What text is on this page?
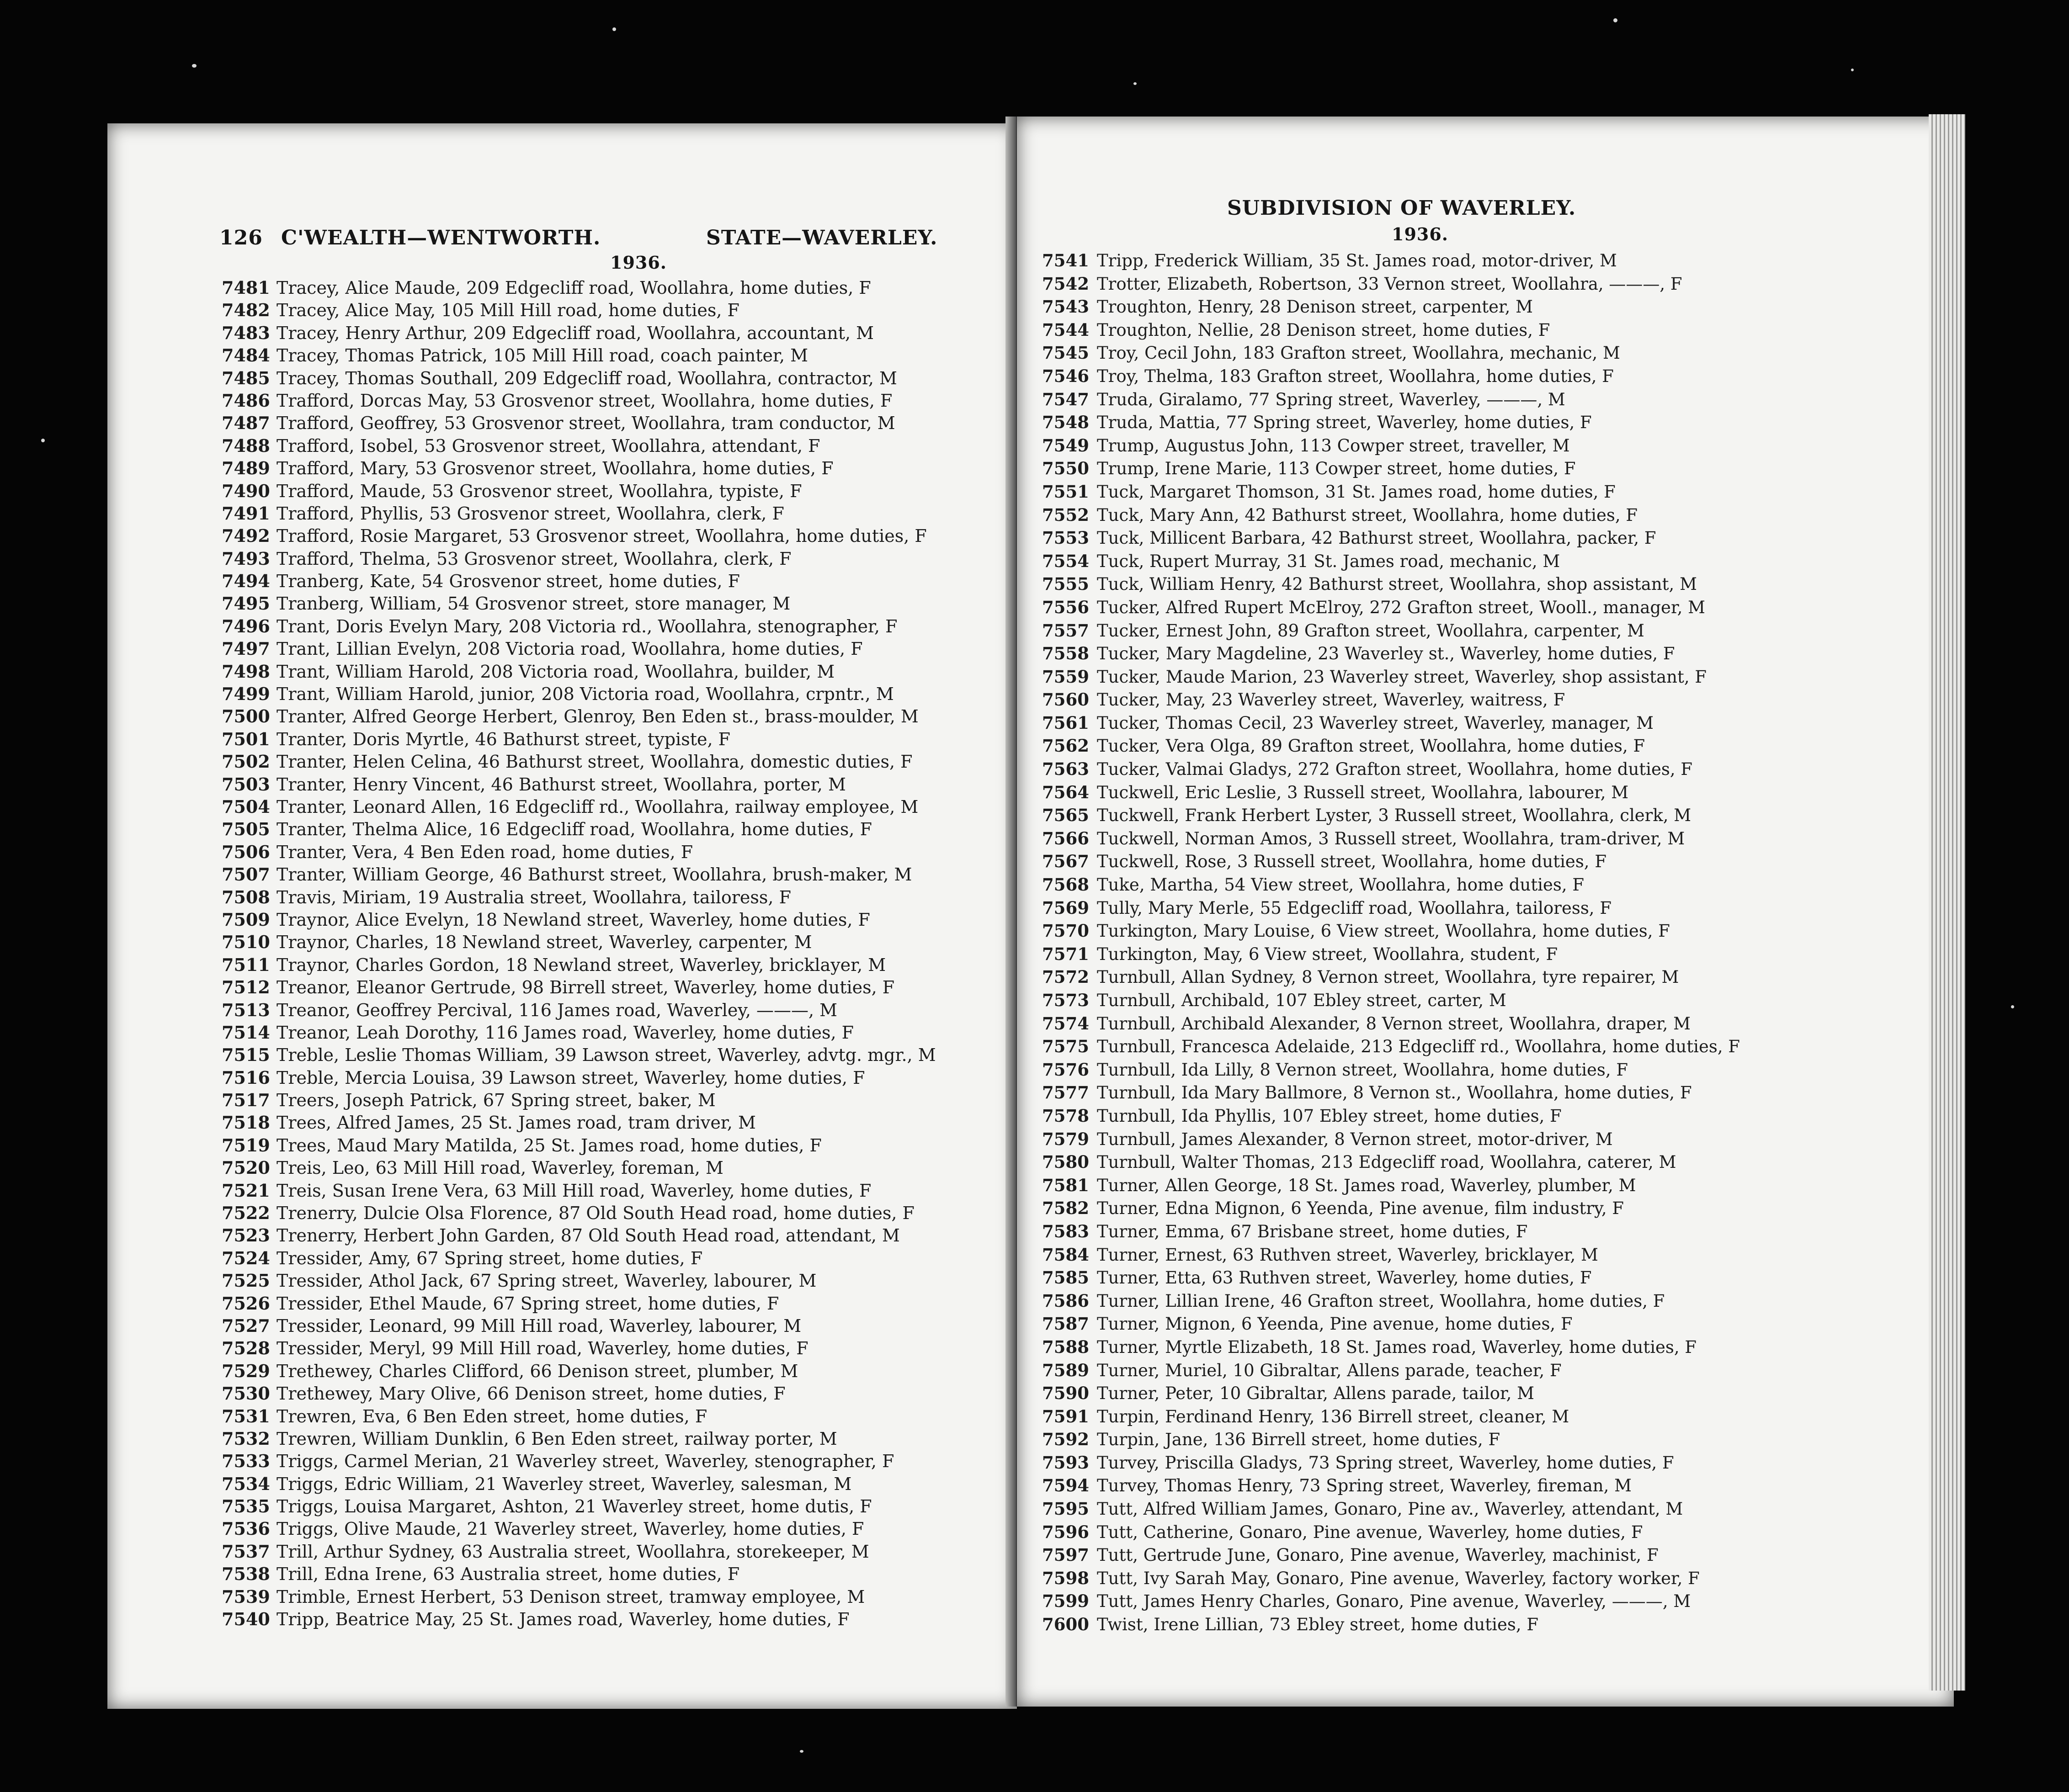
126 C'WEALTH—WENTWORTH.	STATE—WAVERLEY.
1936.
7481 Tracey, Alice Maude, 209 Edgecliff road, Woollahra, home duties, F
7482 Tracey, Alice May, 105 Mill Hill road, home duties, F
7483 Tracey, Henry Arthur, 209 Edgecliff road, Woollahra, accountant, M
7484 Tracey, Thomas Patrick, 105 Mill Hill road, coach painter, M
7485 Tracey, Thomas Southall, 209 Edgecliff road, Woollahra, contractor, M
7486 Trafford, Dorcas May, 53 Grosvenor street, Woollahra, home duties, F
7487 Trafford, Geoffrey, 53 Grosvenor street, Woollahra, tram conductor, M
7488 Trafford, Isobel, 53 Grosvenor street, Woollahra, attendant, F
7489 Trafford, Mary, 53 Grosvenor street, Woollahra, home duties, F
7490 Trafford, Maude, 53 Grosvenor street, Woollahra, typiste, F
7491 Trafford, Phyllis, 53 Grosvenor street, Woollahra, clerk, F
7492 Trafford, Rosie Margaret, 53 Grosvenor street, Woollahra, home duties, F
7493 Trafford, Thelma, 53 Grosvenor street, Woollahra, clerk, F
7494 Tranberg, Kate, 54 Grosvenor street, home duties, F
7495 Tranberg, William, 54 Grosvenor street, store manager, M
7496 Trant, Doris Evelyn Mary, 208 Victoria rd., Woollahra, stenographer, F
7497 Trant, Lillian Evelyn, 208 Victoria road, Woollahra, home duties, F
7498 Trant, William Harold, 208 Victoria road, Woollahra, builder, M
7499 Trant, William Harold, junior, 208 Victoria road, Woollahra, crpntr., M
7500 Tranter, Alfred George Herbert, Glenroy, Ben Eden st., brass-moulder, M
7501 Tranter, Doris Myrtle, 46 Bathurst street, typiste, F
7502 Tranter, Helen Celina, 46 Bathurst street, Woollahra, domestic duties, F
7503 Tranter, Henry Vincent, 46 Bathurst street, Woollahra, porter, M
7504 Tranter, Leonard Allen, 16 Edgecliff rd., Woollahra, railway employee, M
7505 Tranter, Thelma Alice, 16 Edgecliff road, Woollahra, home duties, F
7506 Tranter, Vera, 4 Ben Eden road, home duties, F
7507 Tranter, William George, 46 Bathurst street, Woollahra, brush-maker, M
7508 Travis, Miriam, 19 Australia street, Woollahra, tailoress, F
7509 Traynor, Alice Evelyn, 18 Newland street, Waverley, home duties, F
7510 Traynor, Charles, 18 Newland street, Waverley, carpenter, M
7511 Traynor, Charles Gordon, 18 Newland street, Waverley, bricklayer, M
7512 Treanor, Eleanor Gertrude, 98 Birrell street, Waverley, home duties, F
7513 Treanor, Geoffrey Percival, 116 James road, Waverley, ———, M
7514 Treanor, Leah Dorothy, 116 James road, Waverley, home duties, F
7515 Treble, Leslie Thomas William, 39 Lawson street, Waverley, advtg. mgr., M
7516 Treble, Mercia Louisa, 39 Lawson street, Waverley, home duties, F
7517 Treers, Joseph Patrick, 67 Spring street, baker, M
7518 Trees, Alfred James, 25 St. James road, tram driver, M
7519 Trees, Maud Mary Matilda, 25 St. James road, home duties, F
7520 Treis, Leo, 63 Mill Hill road, Waverley, foreman, M
7521 Treis, Susan Irene Vera, 63 Mill Hill road, Waverley, home duties, F
7522 Trenerry, Dulcie Olsa Florence, 87 Old South Head road, home duties, F
7523 Trenerry, Herbert John Garden, 87 Old South Head road, attendant, M
7524 Tressider, Amy, 67 Spring street, home duties, F
7525 Tressider, Athol Jack, 67 Spring street, Waverley, labourer, M
7526 Tressider, Ethel Maude, 67 Spring street, home duties, F
7527 Tressider, Leonard, 99 Mill Hill road, Waverley, labourer, M
7528 Tressider, Meryl, 99 Mill Hill road, Waverley, home duties, F
7529 Trethewey, Charles Clifford, 66 Denison street, plumber, M
7530 Trethewey, Mary Olive, 66 Denison street, home duties, F
7531 Trewren, Eva, 6 Ben Eden street, home duties, F
7532 Trewren, William Dunklin, 6 Ben Eden street, railway porter, M
7533 Triggs, Carmel Merian, 21 Waverley street, Waverley, stenographer, F
7534 Triggs, Edric William, 21 Waverley street, Waverley, salesman, M
7535 Triggs, Louisa Margaret, Ashton, 21 Waverley street, home dutis, F
7536 Triggs, Olive Maude, 21 Waverley street, Waverley, home duties, F
7537 Trill, Arthur Sydney, 63 Australia street, Woollahra, storekeeper, M
7538 Trill, Edna Irene, 63 Australia street, home duties, F
7539 Trimble, Ernest Herbert, 53 Denison street, tramway employee, M
7540 Tripp, Beatrice May, 25 St. James road, Waverley, home duties, F
SUBDIVISION OF WAVERLEY.
1936.
7541 Tripp, Frederick William, 35 St. James road, motor-driver, M
7542 Trotter, Elizabeth, Robertson, 33 Vernon street, Woollahra, ———, F
7543 Troughton, Henry, 28 Denison street, carpenter, M
7544 Troughton, Nellie, 28 Denison street, home duties, F
7545 Troy, Cecil John, 183 Grafton street, Woollahra, mechanic, M
7546 Troy, Thelma, 183 Grafton street, Woollahra, home duties, F
7547 Truda, Giralamo, 77 Spring street, Waverley, ———, M
7548 Truda, Mattia, 77 Spring street, Waverley, home duties, F
7549 Trump, Augustus John, 113 Cowper street, traveller, M
7550 Trump, Irene Marie, 113 Cowper street, home duties, F
7551 Tuck, Margaret Thomson, 31 St. James road, home duties, F
7552 Tuck, Mary Ann, 42 Bathurst street, Woollahra, home duties, F
7553 Tuck, Millicent Barbara, 42 Bathurst street, Woollahra, packer, F
7554 Tuck, Rupert Murray, 31 St. James road, mechanic, M
7555 Tuck, William Henry, 42 Bathurst street, Woollahra, shop assistant, M
7556 Tucker, Alfred Rupert McElroy, 272 Grafton street, Wooll., manager, M
7557 Tucker, Ernest John, 89 Grafton street, Woollahra, carpenter, M
7558 Tucker, Mary Magdeline, 23 Waverley st., Waverley, home duties, F
7559 Tucker, Maude Marion, 23 Waverley street, Waverley, shop assistant, F
7560 Tucker, May, 23 Waverley street, Waverley, waitress, F
7561 Tucker, Thomas Cecil, 23 Waverley street, Waverley, manager, M
7562 Tucker, Vera Olga, 89 Grafton street, Woollahra, home duties, F
7563 Tucker, Valmai Gladys, 272 Grafton street, Woollahra, home duties, F
7564 Tuckwell, Eric Leslie, 3 Russell street, Woollahra, labourer, M
7565 Tuckwell, Frank Herbert Lyster, 3 Russell street, Woollahra, clerk, M
7566 Tuckwell, Norman Amos, 3 Russell street, Woollahra, tram-driver, M
7567 Tuckwell, Rose, 3 Russell street, Woollahra, home duties, F
7568 Tuke, Martha, 54 View street, Woollahra, home duties, F
7569 Tully, Mary Merle, 55 Edgecliff road, Woollahra, tailoress, F
7570 Turkington, Mary Louise, 6 View street, Woollahra, home duties, F
7571 Turkington, May, 6 View street, Woollahra, student, F
7572 Turnbull, Allan Sydney, 8 Vernon street, Woollahra, tyre repairer, M
7573 Turnbull, Archibald, 107 Ebley street, carter, M
7574 Turnbull, Archibald Alexander, 8 Vernon street, Woollahra, draper, M
7575 Turnbull, Francesca Adelaide, 213 Edgecliff rd., Woollahra, home duties, F
7576 Turnbull, Ida Lilly, 8 Vernon street, Woollahra, home duties, F
7577 Turnbull, Ida Mary Ballmore, 8 Vernon st., Woollahra, home duties, F
7578 Turnbull, Ida Phyllis, 107 Ebley street, home duties, F
7579 Turnbull, James Alexander, 8 Vernon street, motor-driver, M
7580 Turnbull, Walter Thomas, 213 Edgecliff road, Woollahra, caterer, M
7581 Turner, Allen George, 18 St. James road, Waverley, plumber, M
7582 Turner, Edna Mignon, 6 Yeenda, Pine avenue, film industry, F
7583 Turner, Emma, 67 Brisbane street, home duties, F
7584 Turner, Ernest, 63 Ruthven street, Waverley, bricklayer, M
7585 Turner, Etta, 63 Ruthven street, Waverley, home duties, F
7586 Turner, Lillian Irene, 46 Grafton street, Woollahra, home duties, F
7587 Turner, Mignon, 6 Yeenda, Pine avenue, home duties, F
7588 Turner, Myrtle Elizabeth, 18 St. James road, Waverley, home duties, F
7589 Turner, Muriel, 10 Gibraltar, Allens parade, teacher, F
7590 Turner, Peter, 10 Gibraltar, Allens parade, tailor, M
7591 Turpin, Ferdinand Henry, 136 Birrell street, cleaner, M
7592 Turpin, Jane, 136 Birrell street, home duties, F
7593 Turvey, Priscilla Gladys, 73 Spring street, Waverley, home duties, F
7594 Turvey, Thomas Henry, 73 Spring street, Waverley, fireman, M
7595 Tutt, Alfred William James, Gonaro, Pine av., Waverley, attendant, M
7596 Tutt, Catherine, Gonaro, Pine avenue, Waverley, home duties, F
7597 Tutt, Gertrude June, Gonaro, Pine avenue, Waverley, machinist, F
7598 Tutt, Ivy Sarah May, Gonaro, Pine avenue, Waverley, factory worker, F
7599 Tutt, James Henry Charles, Gonaro, Pine avenue, Waverley, ———, M
7600 Twist, Irene Lillian, 73 Ebley street, home duties, F
